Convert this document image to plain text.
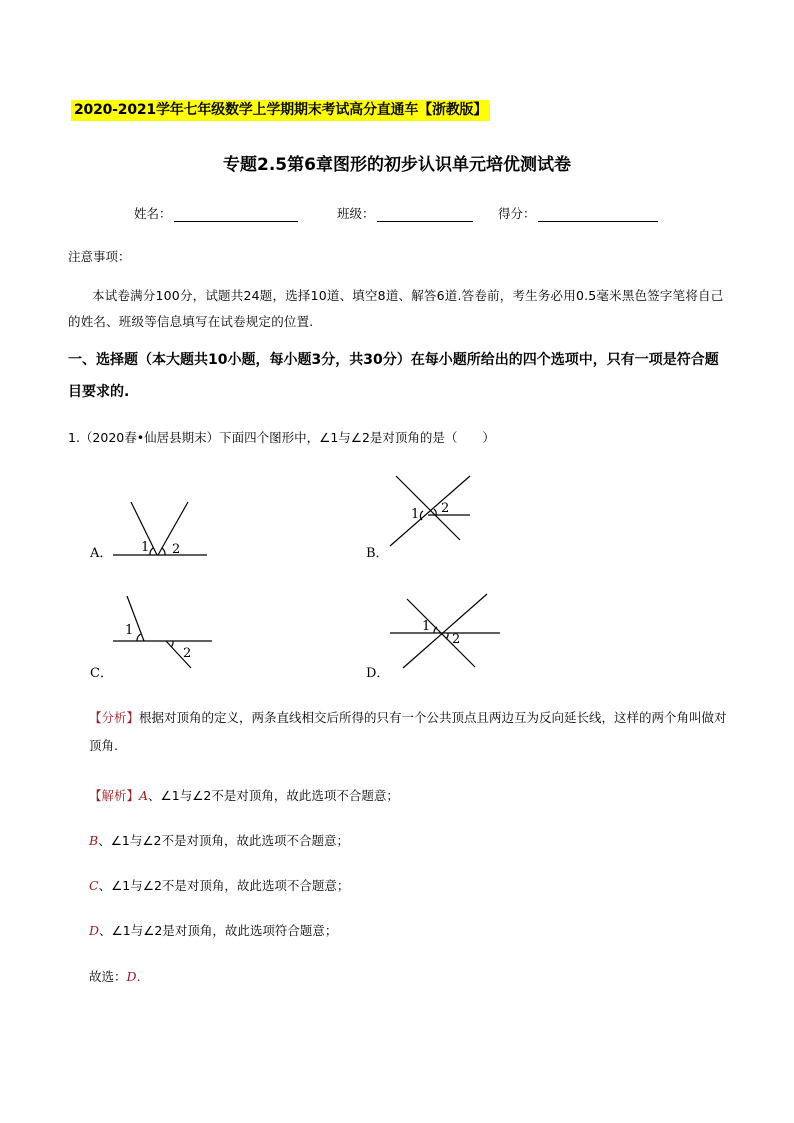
2020-2021学年七年级数学上学期期末考试高分直通车【浙教版】
专题2.5第6章图形的初步认识单元培优测试卷
姓名：	班级：	得分：
注意事项：
本试卷满分100分，试题共24题，选择10道、填空8道、解答6道.答卷前，考生务必用0.5毫米黑色签字笔将自己的姓名、班级等信息填写在试卷规定的位置.
一、选择题（本大题共10小题，每小题3分，共30分）在每小题所给出的四个选项中，只有一项是符合题目要求的.
1.（2020春•仙居县期末）下面四个图形中，∠1与∠2是对顶角的是（　　）
1 2
A．
1 2
B．
1
2
C．
1
2
D．
【分析】根据对顶角的定义，两条直线相交后所得的只有一个公共顶点且两边互为反向延长线，这样的两个角叫做对顶角.
【解析】A、∠1与∠2不是对顶角，故此选项不合题意；
B、∠1与∠2不是对顶角，故此选项不合题意；
C、∠1与∠2不是对顶角，故此选项不合题意；
D、∠1与∠2是对顶角，故此选项符合题意；
故选：D.
